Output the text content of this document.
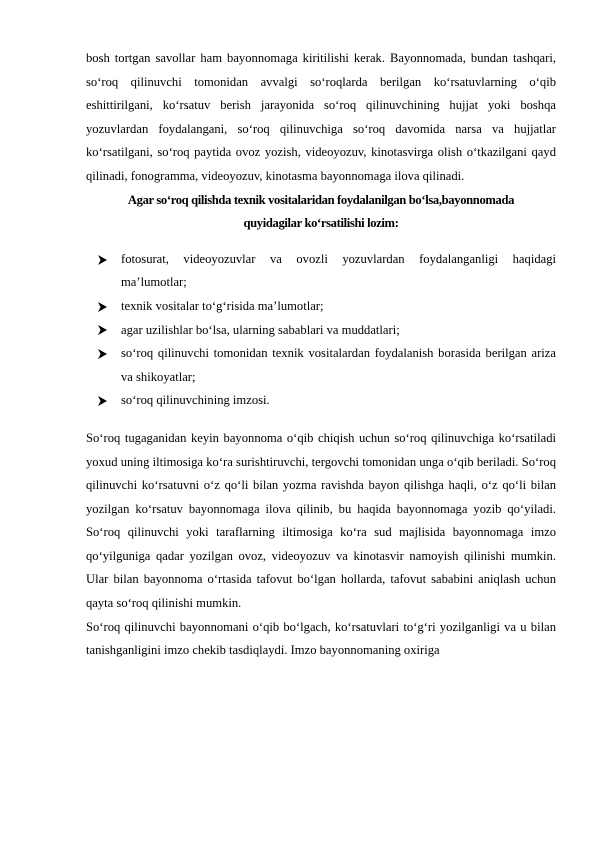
bosh tortgan savollar ham bayonnomaga kiritilishi kerak. Bayonnomada, bundan tashqari, so‘roq qilinuvchi tomonidan avvalgi so‘roqlarda berilgan ko‘rsatuvlarning o‘qib eshittirilgani, ko‘rsatuv berish jarayonida so‘roq qilinuvchining hujjat yoki boshqa yozuvlardan foydalangani, so‘roq qilinuvchiga so‘roq davomida narsa va hujjatlar ko‘rsatilgani, so‘roq paytida ovoz yozish, videoyozuv, kinotasvirga olish o‘tkazilgani qayd qilinadi, fonogramma, videoyozuv, kinotasma bayonnomaga ilova qilinadi.

Agar so‘roq qilishda texnik vositalaridan foydalanilgan bo‘lsa,bayonnomada

quyidagilar ko‘rsatilishi lozim:

fotosurat, videoyozuvlar va ovozli yozuvlardan foydalanganligi haqidagi ma’lumotlar;
texnik vositalar to‘g‘risida ma’lumotlar;
agar uzilishlar bo‘lsa, ularning sabablari va muddatlari;
so‘roq qilinuvchi tomonidan texnik vositalardan foydalanish borasida berilgan ariza va shikoyatlar;
so‘roq qilinuvchining imzosi.

So‘roq tugaganidan keyin bayonnoma o‘qib chiqish uchun so‘roq qilinuvchiga ko‘rsatiladi yoxud uning iltimosiga ko‘ra surishtiruvchi, tergovchi tomonidan unga o‘qib beriladi. So‘roq qilinuvchi ko‘rsatuvni o‘z qo‘li bilan yozma ravishda bayon qilishga haqli, o‘z qo‘li bilan yozilgan ko‘rsatuv bayonnomaga ilova qilinib, bu haqida bayonnomaga yozib qo‘yiladi. So‘roq qilinuvchi yoki taraflarning iltimosiga ko‘ra sud majlisida bayonnomaga imzo qo‘yilguniga qadar yozilgan ovoz, videoyozuv va kinotasvir namoyish qilinishi mumkin. Ular bilan bayonnoma o‘rtasida tafovut bo‘lgan hollarda, tafovut sababini aniqlash uchun qayta so‘roq qilinishi mumkin.

So‘roq qilinuvchi bayonnomani o‘qib bo‘lgach, ko‘rsatuvlari to‘g‘ri yozilganligi va u bilan tanishganligini imzo chekib tasdiqlaydi. Imzo bayonnomaning oxiriga
